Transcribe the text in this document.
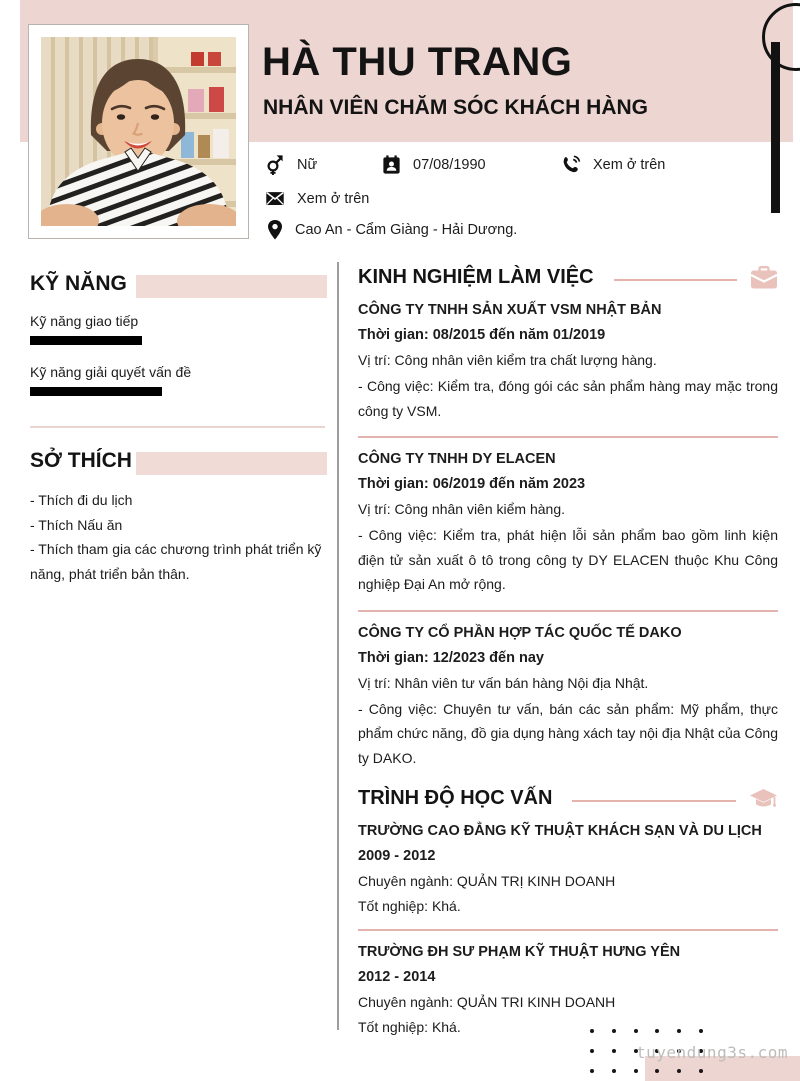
HÀ THU TRANG
NHÂN VIÊN CHĂM SÓC KHÁCH HÀNG
Nữ	07/08/1990	Xem ở trên
Xem ở trên
Cao An - Cẩm Giàng - Hải Dương.
KỸ NĂNG
Kỹ năng giao tiếp
Kỹ năng giải quyết vấn đề
SỞ THÍCH
- Thích đi du lịch
- Thích Nấu ăn
- Thích tham gia các chương trình phát triển kỹ năng, phát triển bản thân.
KINH NGHIỆM LÀM VIỆC
CÔNG TY TNHH SẢN XUẤT VSM NHẬT BẢN
Thời gian: 08/2015 đến năm 01/2019
Vị trí: Công nhân viên kiểm tra chất lượng hàng.
- Công việc: Kiểm tra, đóng gói các sản phẩm hàng may mặc trong công ty VSM.
CÔNG TY TNHH DY ELACEN
Thời gian: 06/2019 đến năm 2023
Vị trí: Công nhân viên kiểm hàng.
- Công việc: Kiểm tra, phát hiện lỗi sản phẩm bao gồm linh kiện điện tử sản xuất ô tô trong công ty DY ELACEN thuộc Khu Công nghiệp Đại An mở rộng.
CÔNG TY CỔ PHẦN HỢP TÁC QUỐC TẾ DAKO
Thời gian: 12/2023 đến nay
Vị trí: Nhân viên tư vấn bán hàng Nội địa Nhật.
- Công việc: Chuyên tư vấn, bán các sản phẩm: Mỹ phẩm, thực phẩm chức năng, đồ gia dụng hàng xách tay nội địa Nhật của Công ty DAKO.
TRÌNH ĐỘ HỌC VẤN
TRƯỜNG CAO ĐẲNG KỸ THUẬT KHÁCH SẠN VÀ DU LỊCH
2009 - 2012
Chuyên ngành: QUẢN TRỊ KINH DOANH
Tốt nghiệp: Khá.
TRƯỜNG ĐH SƯ PHẠM KỸ THUẬT HƯNG YÊN
2012 - 2014
Chuyên ngành: QUẢN TRI KINH DOANH
Tốt nghiệp: Khá.
tuyendung3s.com
